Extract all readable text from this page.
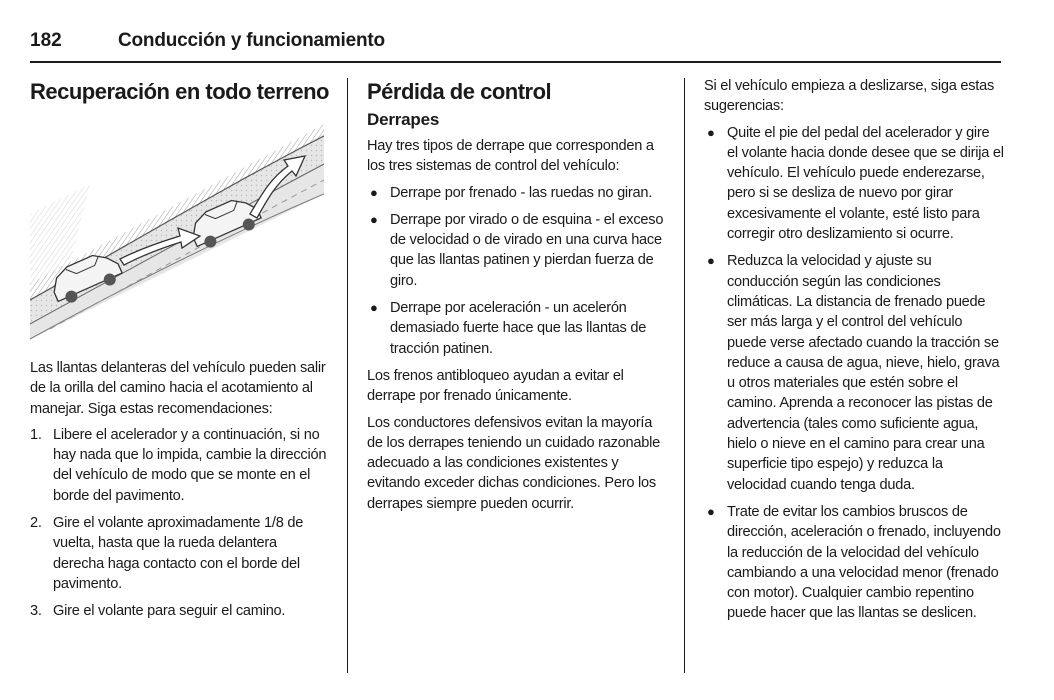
182	Conducción y funcionamiento
Recuperación en todo terreno

Las llantas delanteras del vehículo pueden salir de la orilla del camino hacia el acotamiento al manejar. Siga estas recomendaciones:

1. Libere el acelerador y a continuación, si no hay nada que lo impida, cambie la dirección del vehículo de modo que se monte en el borde del pavimento.
2. Gire el volante aproximadamente 1/8 de vuelta, hasta que la rueda delantera derecha haga contacto con el borde del pavimento.
3. Gire el volante para seguir el camino.
Pérdida de control
Derrapes

Hay tres tipos de derrape que corresponden a los tres sistemas de control del vehículo:

● Derrape por frenado - las ruedas no giran.
● Derrape por virado o de esquina - el exceso de velocidad o de virado en una curva hace que las llantas patinen y pierdan fuerza de giro.
● Derrape por aceleración - un acelerón demasiado fuerte hace que las llantas de tracción patinen.

Los frenos antibloqueo ayudan a evitar el derrape por frenado únicamente.

Los conductores defensivos evitan la mayoría de los derrapes teniendo un cuidado razonable adecuado a las condiciones existentes y evitando exceder dichas condiciones. Pero los derrapes siempre pueden ocurrir.

Si el vehículo empieza a deslizarse, siga estas sugerencias:

● Quite el pie del pedal del acelerador y gire el volante hacia donde desee que se dirija el vehículo. El vehículo puede enderezarse, pero si se desliza de nuevo por girar excesivamente el volante, esté listo para corregir otro deslizamiento si ocurre.
● Reduzca la velocidad y ajuste su conducción según las condiciones climáticas. La distancia de frenado puede ser más larga y el control del vehículo puede verse afectado cuando la tracción se reduce a causa de agua, nieve, hielo, grava u otros materiales que estén sobre el camino. Aprenda a reconocer las pistas de advertencia (tales como suficiente agua, hielo o nieve en el camino para crear una superficie tipo espejo) y reduzca la velocidad cuando tenga duda.
● Trate de evitar los cambios bruscos de dirección, aceleración o frenado, incluyendo la reducción de la velocidad del vehículo cambiando a una velocidad menor (frenado con motor). Cualquier cambio repentino puede hacer que las llantas se deslicen.
